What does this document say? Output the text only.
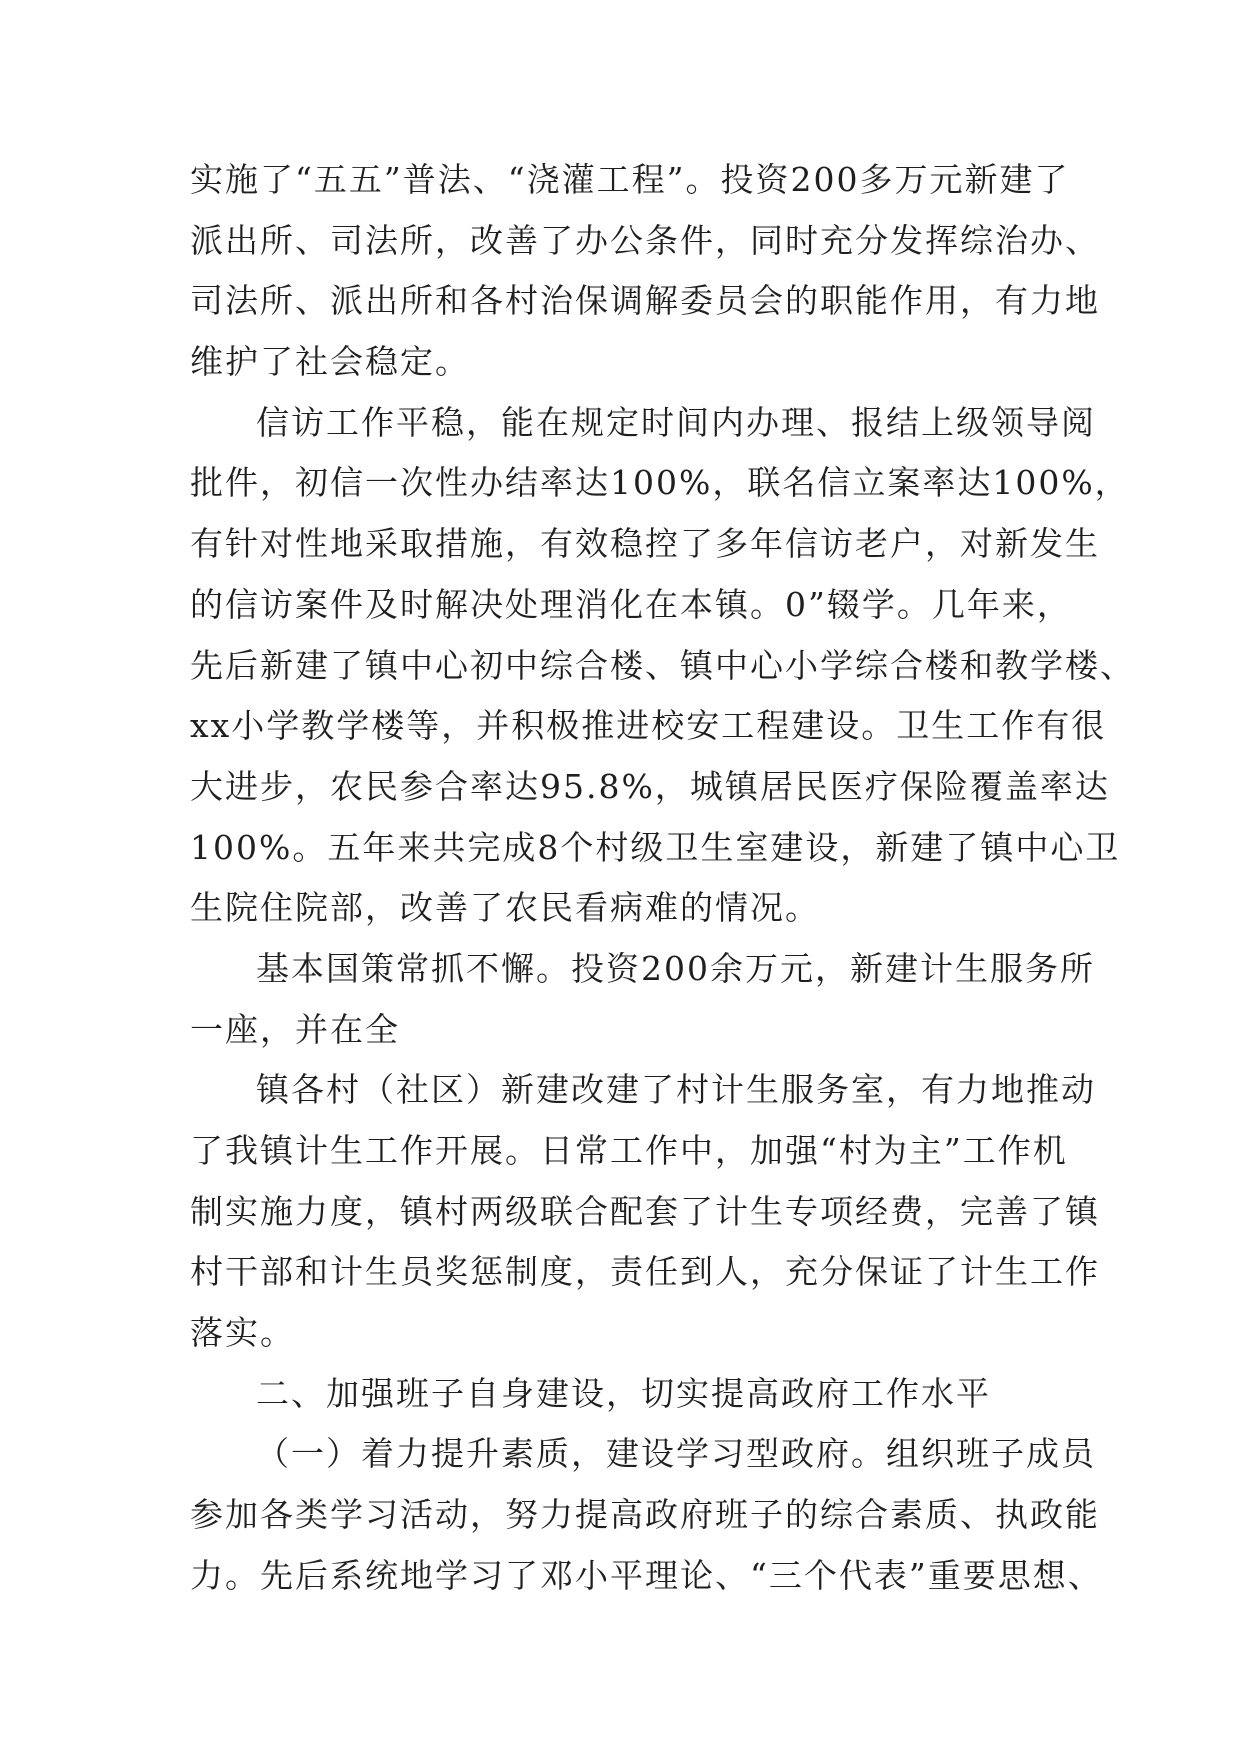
实施了“五五”普法、“浇灌工程”。投资200多万元新建了
派出所、司法所，改善了办公条件，同时充分发挥综治办、
司法所、派出所和各村治保调解委员会的职能作用，有力地
维护了社会稳定。
信访工作平稳，能在规定时间内办理、报结上级领导阅
批件，初信一次性办结率达100%，联名信立案率达100%，
有针对性地采取措施，有效稳控了多年信访老户，对新发生
的信访案件及时解决处理消化在本镇。0”辍学。几年来，
先后新建了镇中心初中综合楼、镇中心小学综合楼和教学楼、
xx小学教学楼等，并积极推进校安工程建设。卫生工作有很
大进步，农民参合率达95.8%，城镇居民医疗保险覆盖率达
100%。五年来共完成8个村级卫生室建设，新建了镇中心卫
生院住院部，改善了农民看病难的情况。
基本国策常抓不懈。投资200余万元，新建计生服务所
一座，并在全
镇各村（社区）新建改建了村计生服务室，有力地推动
了我镇计生工作开展。日常工作中，加强“村为主”工作机
制实施力度，镇村两级联合配套了计生专项经费，完善了镇
村干部和计生员奖惩制度，责任到人，充分保证了计生工作
落实。
二、加强班子自身建设，切实提高政府工作水平
（一）着力提升素质，建设学习型政府。组织班子成员
参加各类学习活动，努力提高政府班子的综合素质、执政能
力。先后系统地学习了邓小平理论、“三个代表”重要思想、
